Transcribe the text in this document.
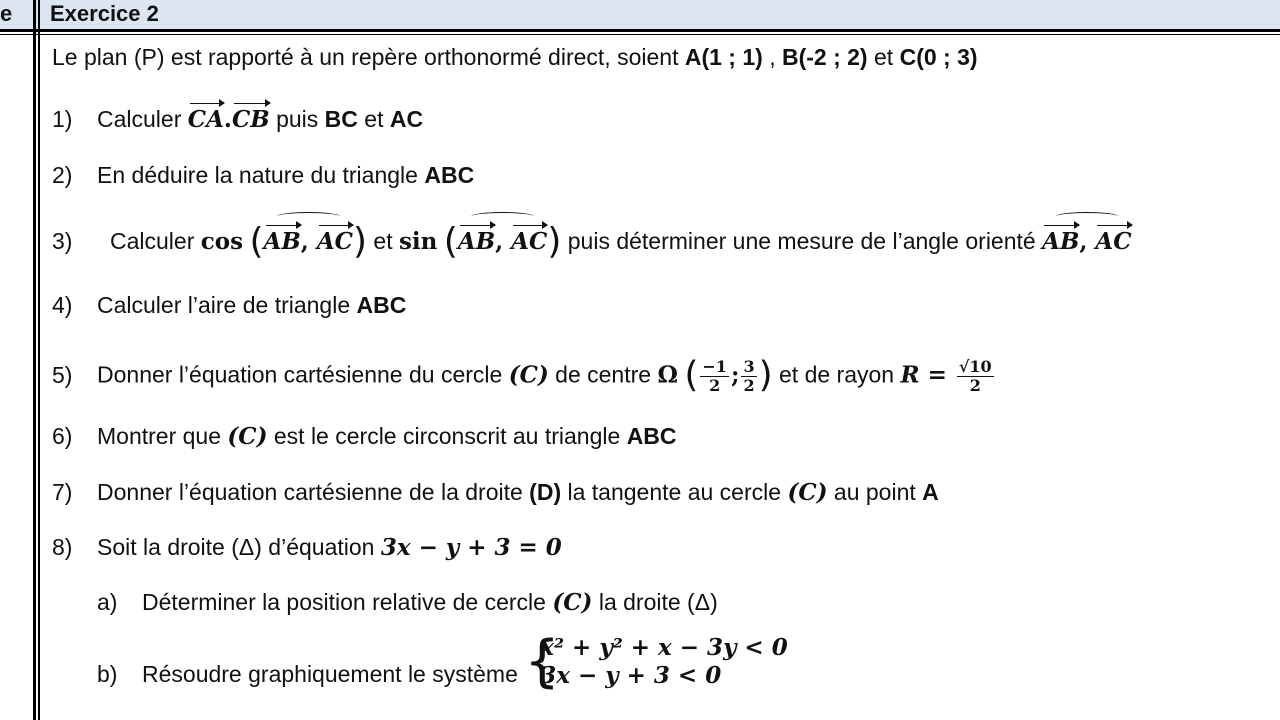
e Exercice 2
Le plan (P) est rapporté à un repère orthonormé direct, soient A(1 ; 1) , B(-2 ; 2) et C(0 ; 3)
1) Calculer CA.CB puis BC et AC
2) En déduire la nature du triangle ABC
3) Calculer cos (
AB, AC) et sin (
AB, AC) puis déterminer une mesure de l’angle orienté
AB, AC
4) Calculer l’aire de triangle ABC
5) Donner l’équation cartésienne du cercle (C) de centre Ω ( $\frac{-1}{2}$ ; $\frac{3}{2}$ ) et de rayon $R = \frac{√10}{2}$
6) Montrer que (C) est le cercle circonscrit au triangle ABC
7) Donner l’équation cartésienne de la droite (D) la tangente au cercle (C) au point A
8) Soit la droite (Δ) d’équation 3x − y + 3 = 0
a) Déterminer la position relative de cercle (C) la droite (Δ)
b) Résoudre graphiquement le système {
x² + y² + x − 3y < 0
3x − y + 3 < 0
